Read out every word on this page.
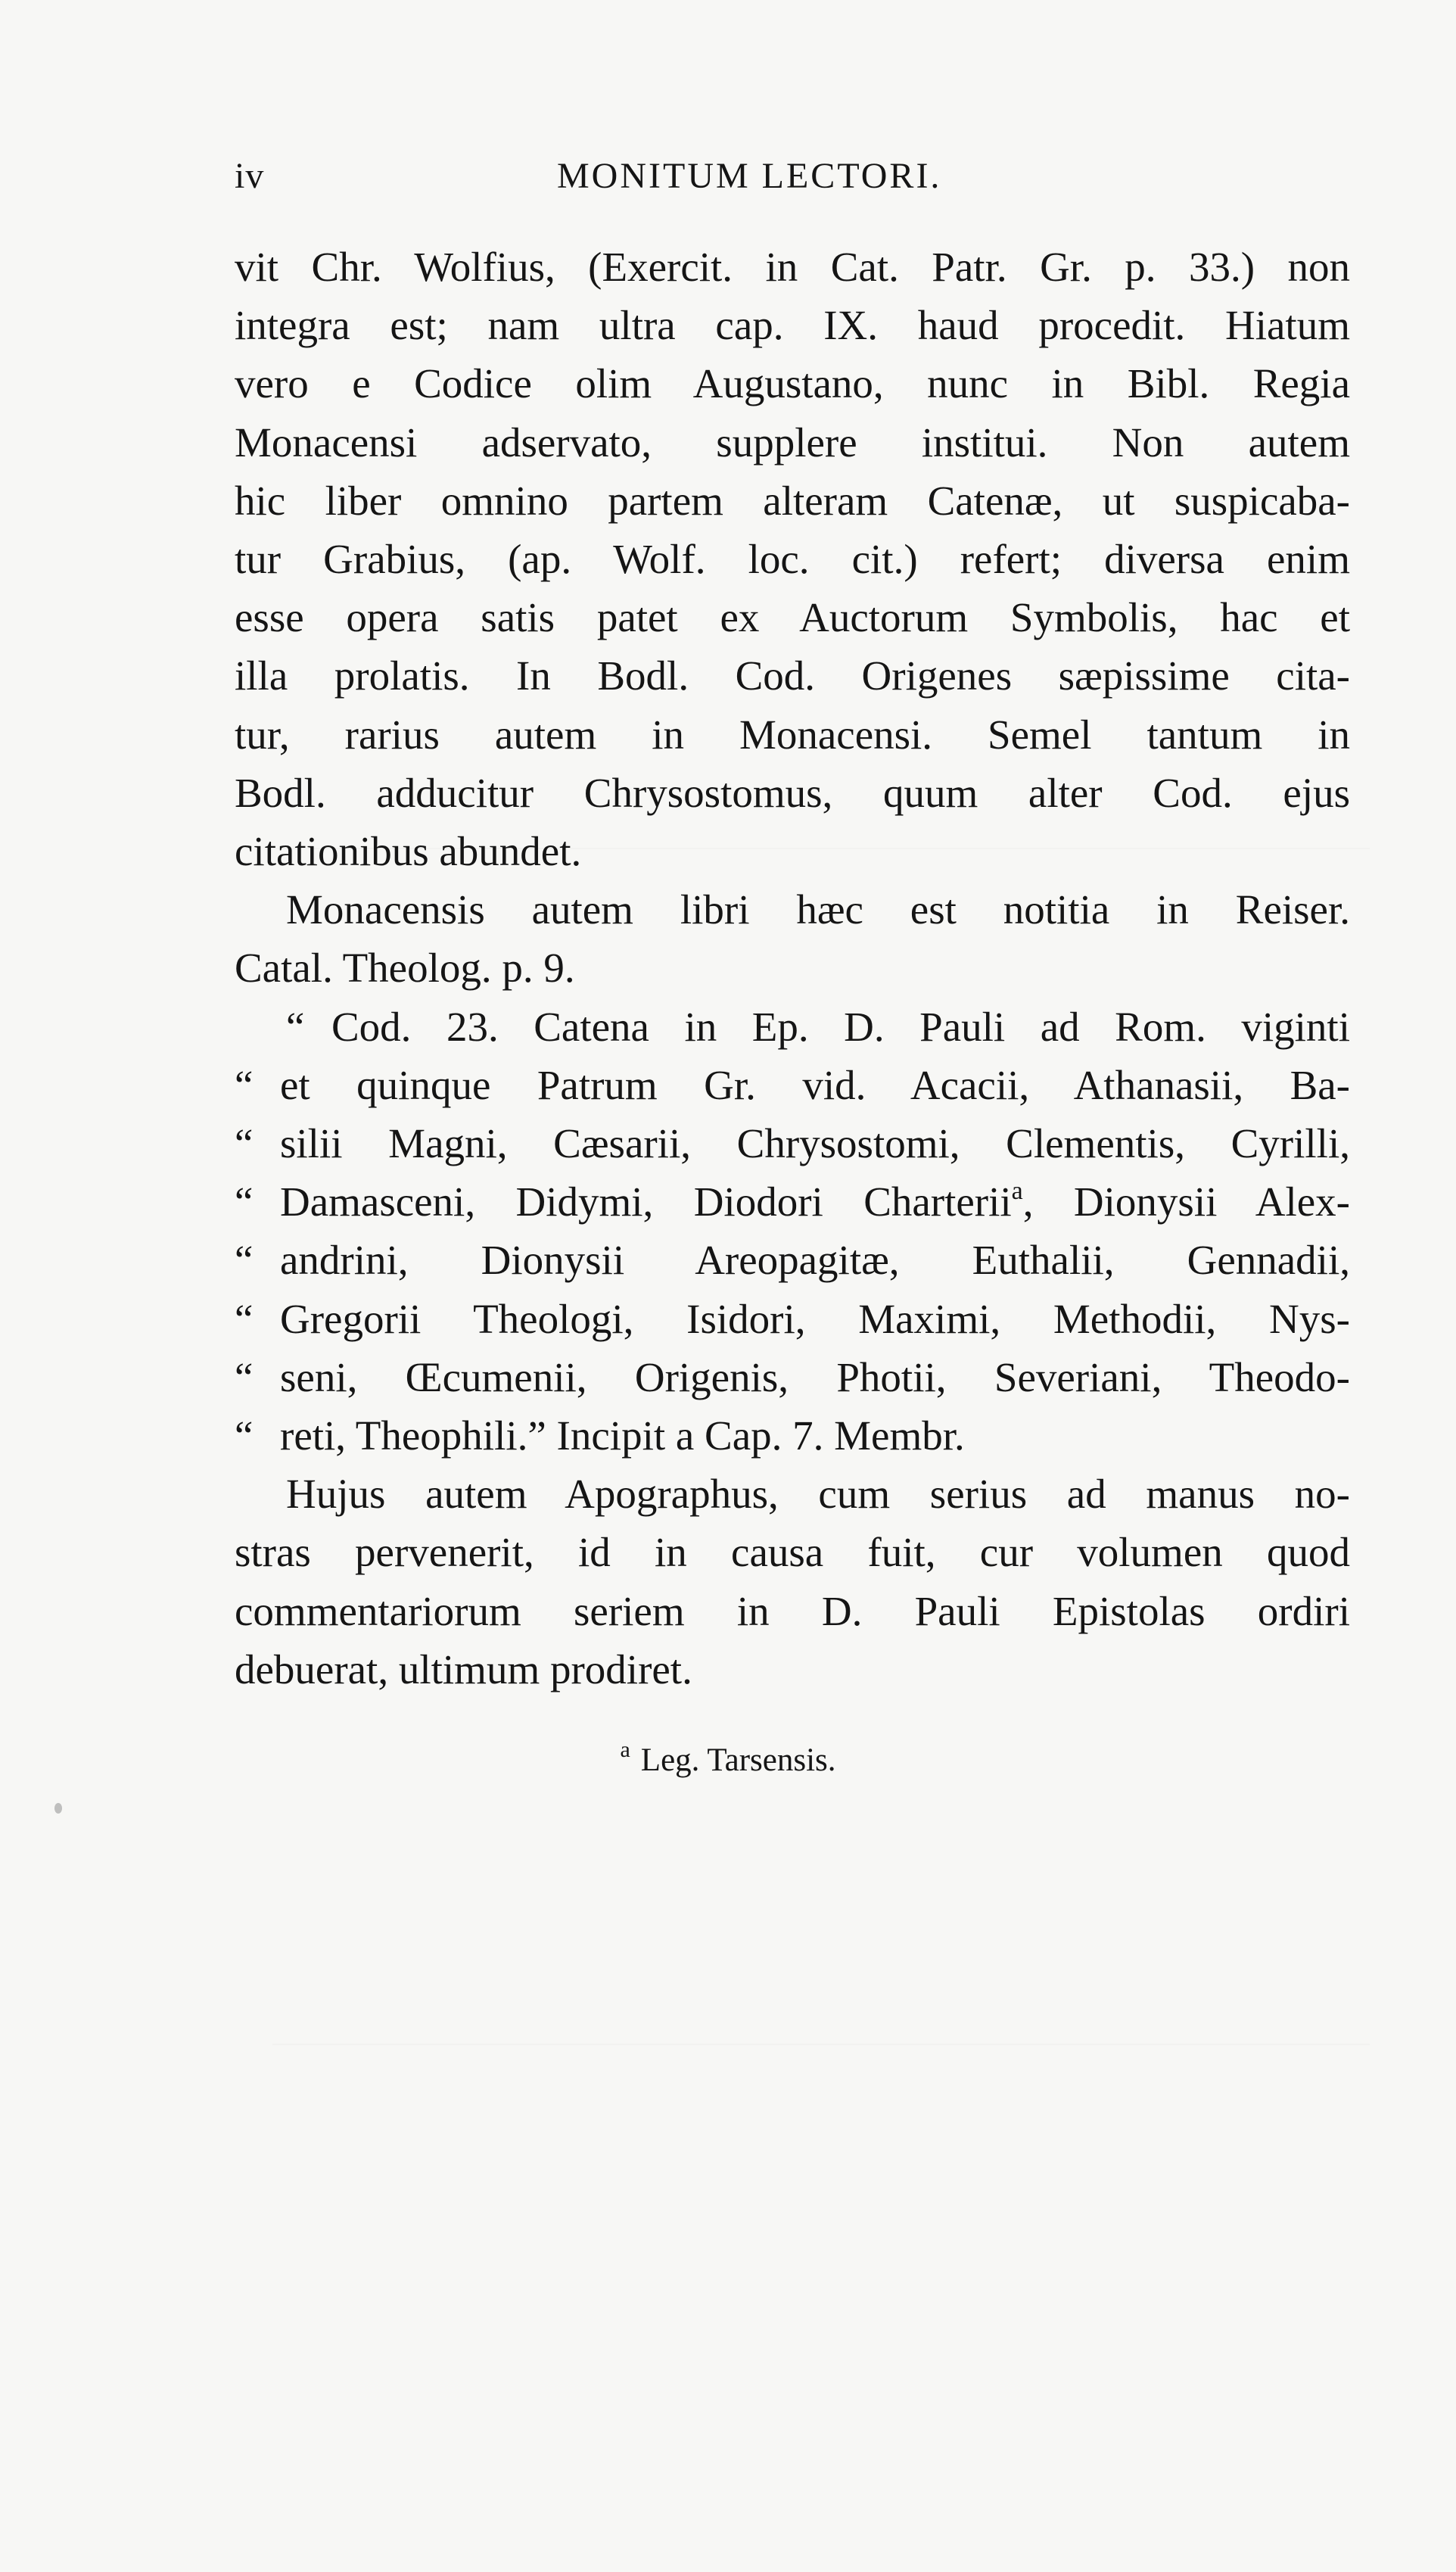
iv	MONITUM LECTORI.
vit Chr. Wolfius, (Exercit. in Cat. Patr. Gr. p. 33.) non
integra est; nam ultra cap. IX. haud procedit. Hiatum
vero e Codice olim Augustano, nunc in Bibl. Regia
Monacensi adservato, supplere institui. Non autem
hic liber omnino partem alteram Catenæ, ut suspicaba-
tur Grabius, (ap. Wolf. loc. cit.) refert; diversa enim
esse opera satis patet ex Auctorum Symbolis, hac et
illa prolatis. In Bodl. Cod. Origenes sæpissime cita-
tur, rarius autem in Monacensi. Semel tantum in
Bodl. adducitur Chrysostomus, quum alter Cod. ejus
citationibus abundet.
Monacensis autem libri hæc est notitia in Reiser.
Catal. Theolog. p. 9.
“ Cod. 23. Catena in Ep. D. Pauli ad Rom. viginti
“ et quinque Patrum Gr. vid. Acacii, Athanasii, Ba-
“ silii Magni, Cæsarii, Chrysostomi, Clementis, Cyrilli,
“ Damasceni, Didymi, Diodori Charterii$^a$, Dionysii Alex-
“ andrini, Dionysii Areopagitæ, Euthalii, Gennadii,
“ Gregorii Theologi, Isidori, Maximi, Methodii, Nys-
“ seni, Œcumenii, Origenis, Photii, Severiani, Theodo-
“ reti, Theophili.” Incipit a Cap. 7. Membr.
Hujus autem Apographus, cum serius ad manus no-
stras pervenerit, id in causa fuit, cur volumen quod
commentariorum seriem in D. Pauli Epistolas ordiri
debuerat, ultimum prodiret.
$^a$ Leg. Tarsensis.
